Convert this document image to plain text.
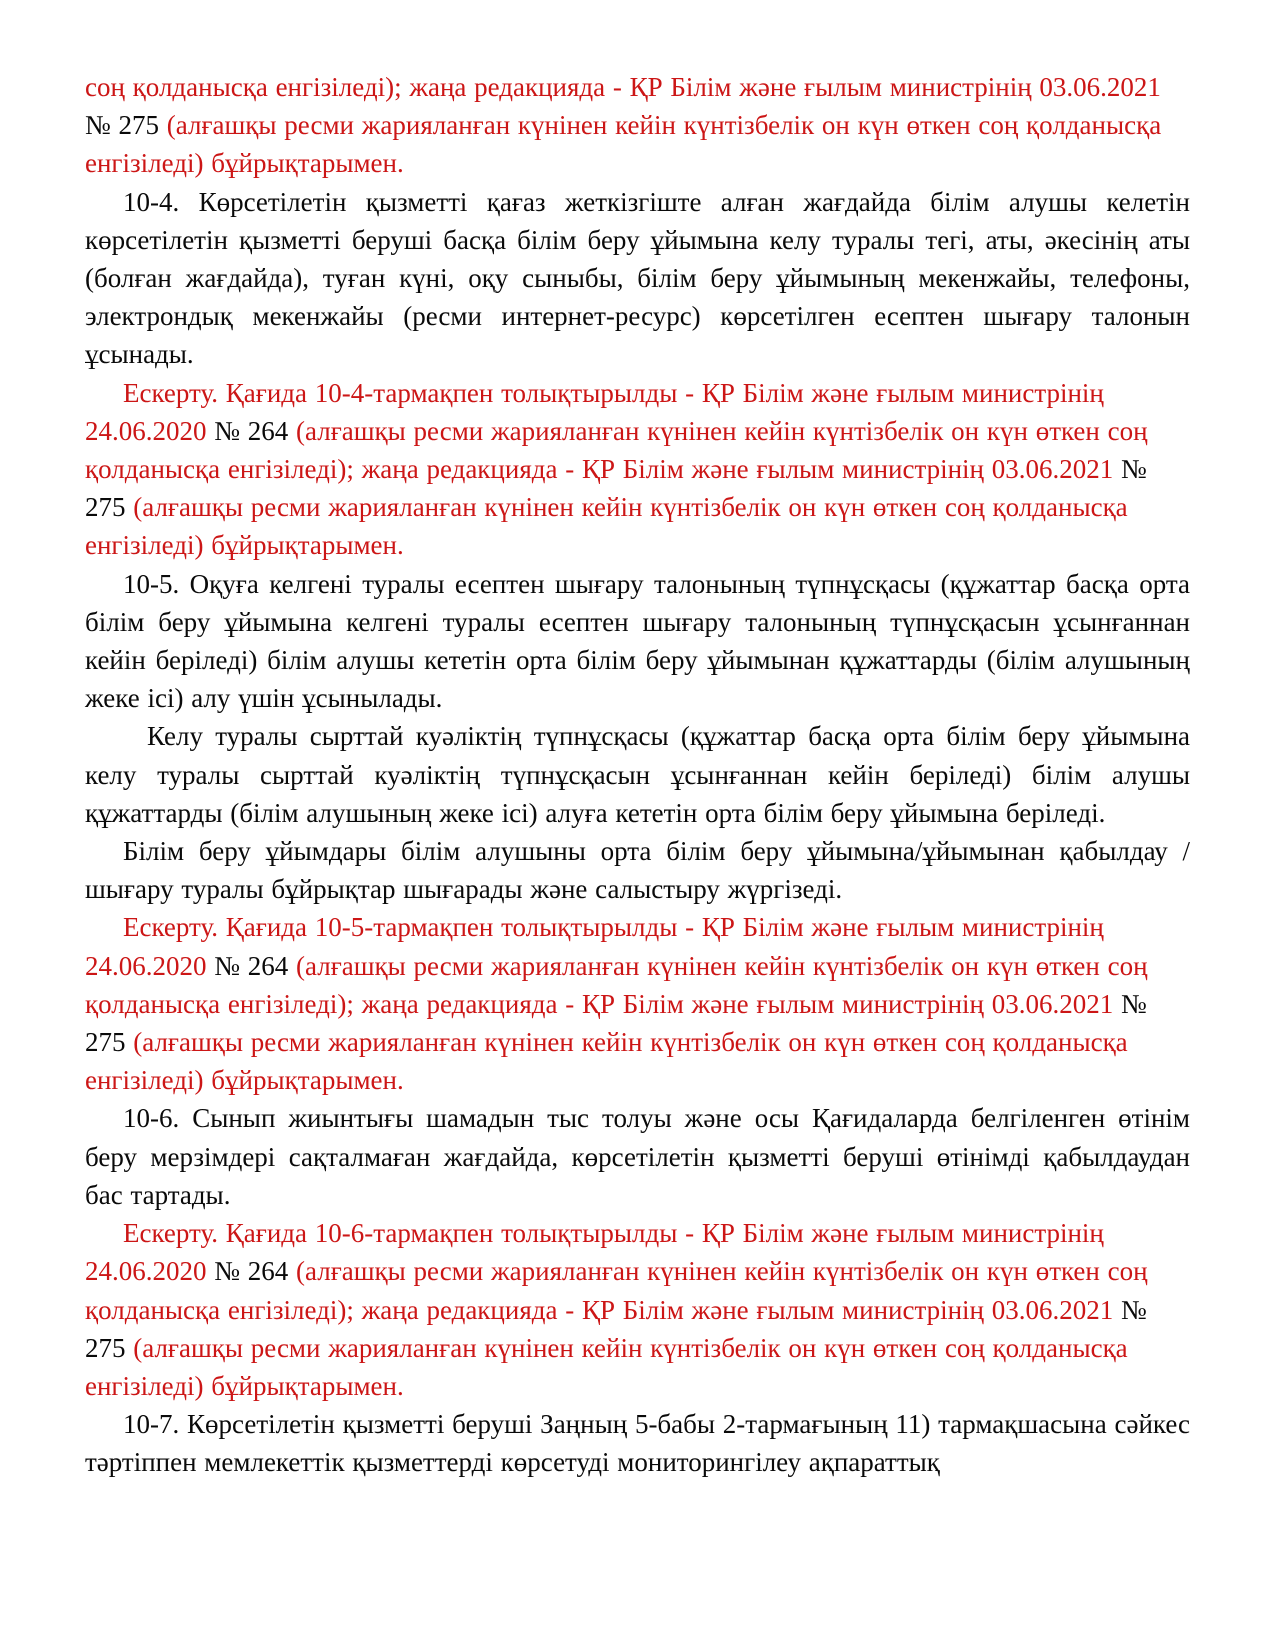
соң қолданысқа енгізіледі); жаңа редакцияда - ҚР Білім және ғылым министрінің 03.06.2021 № 275 (алғашқы ресми жарияланған күнінен кейін күнтізбелік он күн өткен соң қолданысқа енгізіледі) бұйрықтарымен.

10-4. Көрсетілетін қызметті қағаз жеткізгіште алған жағдайда білім алушы келетін көрсетілетін қызметті беруші басқа білім беру ұйымына келу туралы тегі, аты, әкесінің аты (болған жағдайда), туған күні, оқу сыныбы, білім беру ұйымының мекенжайы, телефоны, электрондық мекенжайы (ресми интернет-ресурс) көрсетілген есептен шығару талонын ұсынады.

Ескерту. Қағида 10-4-тармақпен толықтырылды - ҚР Білім және ғылым министрінің 24.06.2020 № 264 (алғашқы ресми жарияланған күнінен кейін күнтізбелік он күн өткен соң қолданысқа енгізіледі); жаңа редакцияда - ҚР Білім және ғылым министрінің 03.06.2021 № 275 (алғашқы ресми жарияланған күнінен кейін күнтізбелік он күн өткен соң қолданысқа енгізіледі) бұйрықтарымен.

10-5. Оқуға келгені туралы есептен шығару талонының түпнұсқасы (құжаттар басқа орта білім беру ұйымына келгені туралы есептен шығару талонының түпнұсқасын ұсынғаннан кейін беріледі) білім алушы кететін орта білім беру ұйымынан құжаттарды (білім алушының жеке ісі) алу үшін ұсынылады.

Келу туралы сырттай куәліктің түпнұсқасы (құжаттар басқа орта білім беру ұйымына келу туралы сырттай куәліктің түпнұсқасын ұсынғаннан кейін беріледі) білім алушы құжаттарды (білім алушының жеке ісі) алуға кететін орта білім беру ұйымына беріледі.

Білім беру ұйымдары білім алушыны орта білім беру ұйымына/ұйымынан қабылдау / шығару туралы бұйрықтар шығарады және салыстыру жүргізеді.

Ескерту. Қағида 10-5-тармақпен толықтырылды - ҚР Білім және ғылым министрінің 24.06.2020 № 264 (алғашқы ресми жарияланған күнінен кейін күнтізбелік он күн өткен соң қолданысқа енгізіледі); жаңа редакцияда - ҚР Білім және ғылым министрінің 03.06.2021 № 275 (алғашқы ресми жарияланған күнінен кейін күнтізбелік он күн өткен соң қолданысқа енгізіледі) бұйрықтарымен.

10-6. Сынып жиынтығы шамадын тыс толуы және осы Қағидаларда белгіленген өтінім беру мерзімдері сақталмаған жағдайда, көрсетілетін қызметті беруші өтінімді қабылдаудан бас тартады.

Ескерту. Қағида 10-6-тармақпен толықтырылды - ҚР Білім және ғылым министрінің 24.06.2020 № 264 (алғашқы ресми жарияланған күнінен кейін күнтізбелік он күн өткен соң қолданысқа енгізіледі); жаңа редакцияда - ҚР Білім және ғылым министрінің 03.06.2021 № 275 (алғашқы ресми жарияланған күнінен кейін күнтізбелік он күн өткен соң қолданысқа енгізіледі) бұйрықтарымен.

10-7. Көрсетілетін қызметті беруші Заңның 5-бабы 2-тармағының 11) тармақшасына сәйкес тәртіппен мемлекеттік қызметтерді көрсетуді мониторингілеу ақпараттық
